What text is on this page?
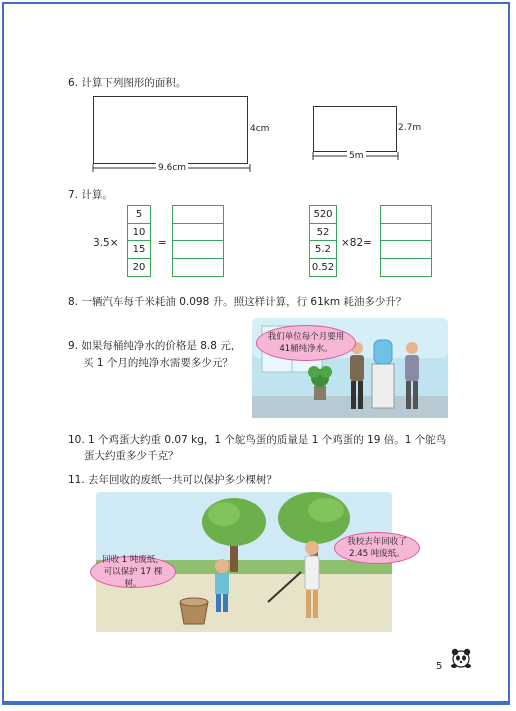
6. 计算下列图形的面积。
4cm
9.6cm
2.7m
5m
7. 计算。
3.5×
5
10
15
20
=
520
52
5.2
0.52
×82=
8. 一辆汽车每千米耗油 0.098 升。照这样计算，行 61km 耗油多少升？
9. 如果每桶纯净水的价格是 8.8 元，
买 1 个月的纯净水需要多少元？
我们单位每个月要用41桶纯净水。
10. 1 个鸡蛋大约重 0.07 kg，1 个鸵鸟蛋的质量是 1 个鸡蛋的 19 倍。1 个鸵鸟
蛋大约重多少千克？
11. 去年回收的废纸一共可以保护多少棵树？
回收 1 吨废纸，可以保护 17 棵树。
我校去年回收了 2.45 吨废纸。
5
